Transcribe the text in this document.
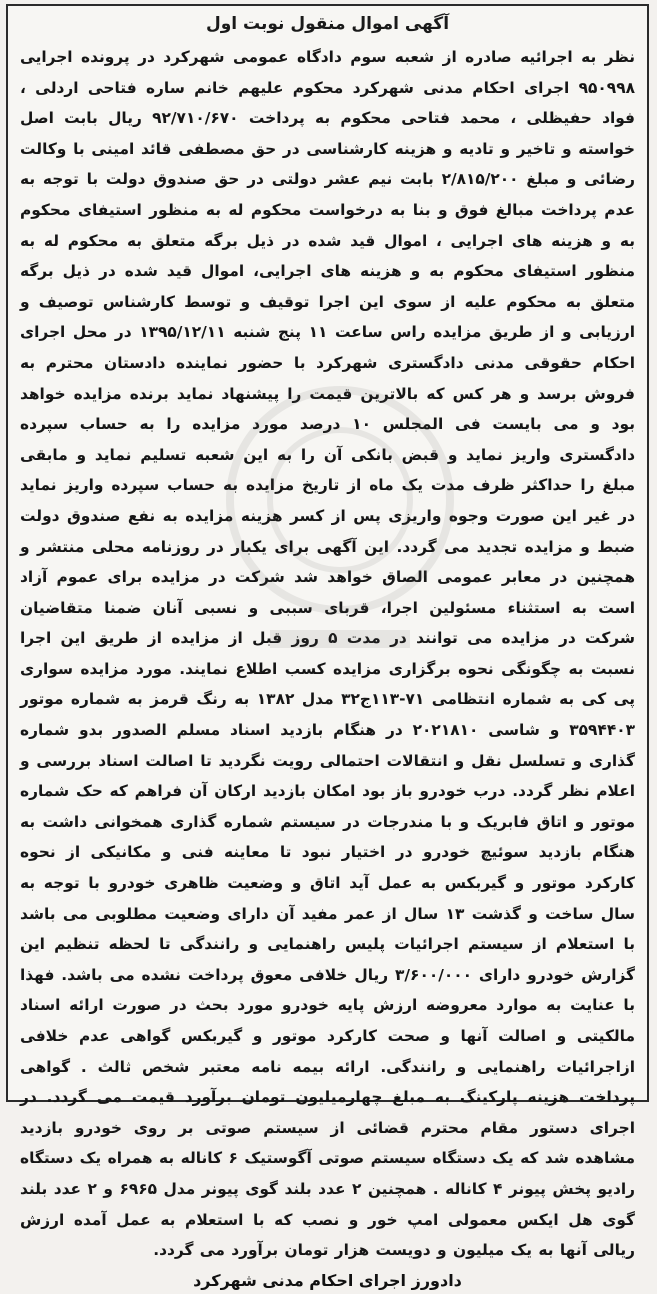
آگهی اموال منقول نوبت اول

نظر به اجرائیه صادره از شعبه سوم دادگاه عمومی شهرکرد در پرونده اجرایی ۹۵۰۹۹۸ اجرای احکام مدنی شهرکرد محکوم علیهم خانم ساره فتاحی اردلی ، فواد حفیظلی ، محمد فتاحی محکوم به پرداخت ۹۲/۷۱۰/۶۷۰ ریال بابت اصل خواسته و تاخیر و تادیه و هزینه کارشناسی در حق مصطفی قائد امینی با وکالت رضائی و مبلغ ۲/۸۱۵/۲۰۰ بابت نیم عشر دولتی در حق صندوق دولت با توجه به عدم پرداخت مبالغ فوق و بنا به درخواست محکوم له به منظور استیفای محکوم به و هزینه های اجرایی ، اموال قید شده در ذیل برگه متعلق به محکوم له به منظور استیفای محکوم به و هزینه های اجرایی، اموال قید شده در ذیل برگه متعلق به محکوم علیه از سوی این اجرا توقیف و توسط کارشناس توصیف و ارزیابی و از طریق مزایده راس ساعت ۱۱ پنج شنبه ۱۳۹۵/۱۲/۱۱ در محل اجرای احکام حقوقی مدنی دادگستری شهرکرد با حضور نماینده دادستان محترم به فروش برسد و هر کس که بالاترین قیمت را پیشنهاد نماید برنده مزایده خواهد بود و می بایست فی المجلس ۱۰ درصد مورد مزایده را به حساب سپرده دادگستری واریز نماید و قبض بانکی آن را به این شعبه تسلیم نماید و مابقی مبلغ را حداکثر ظرف مدت یک ماه از تاریخ مزایده به حساب سپرده واریز نماید در غیر این صورت وجوه واریزی پس از کسر هزینه مزایده به نفع صندوق دولت ضبط و مزایده تجدید می گردد. این آگهی برای یکبار در روزنامه محلی منتشر و همچنین در معابر عمومی الصاق خواهد شد شرکت در مزایده برای عموم آزاد است به استثناء مسئولین اجرا، قربای سببی و نسبی آنان ضمنا متقاضیان شرکت در مزایده می توانند در مدت ۵ روز قبل از مزایده از طریق این اجرا نسبت به چگونگی نحوه برگزاری مزایده کسب اطلاع نمایند. مورد مزایده سواری پی کی به شماره انتظامی ۷۱-۱۱۳ج۳۲ مدل ۱۳۸۲ به رنگ قرمز به شماره موتور ۳۵۹۴۴۰۳ و شاسی ۲۰۲۱۸۱۰ در هنگام بازدید اسناد مسلم الصدور بدو شماره گذاری و تسلسل نقل و انتقالات احتمالی رویت نگردید تا اصالت اسناد بررسی و اعلام نظر گردد. درب خودرو باز بود امکان بازدید ارکان آن فراهم که حک شماره موتور و اتاق فابریک و با مندرجات در سیستم شماره گذاری همخوانی داشت به هنگام بازدید سوئیچ خودرو در اختیار نبود تا معاینه فنی و مکانیکی از نحوه کارکرد موتور و گیربکس به عمل آید اتاق و وضعیت ظاهری خودرو با توجه به سال ساخت و گذشت ۱۳ سال از عمر مفید آن دارای وضعیت مطلوبی می باشد با استعلام از سیستم اجرائیات پلیس راهنمایی و رانندگی تا لحظه تنظیم این گزارش خودرو دارای ۳/۶۰۰/۰۰۰ ریال خلافی معوق پرداخت نشده می باشد. فهذا با عنایت به موارد معروضه ارزش پایه خودرو مورد بحث در صورت ارائه اسناد مالکیتی و اصالت آنها و صحت کارکرد موتور و گیربکس گواهی عدم خلافی ازاجرائیات راهنمایی و رانندگی. ارائه بیمه نامه معتبر شخص ثالث . گواهی پرداخت هزینه پارکینگ به مبلغ چهارمیلیون تومان برآورد قیمت می گردد. در اجرای دستور مقام محترم قضائی از سیستم صوتی بر روی خودرو بازدید مشاهده شد که یک دستگاه سیستم صوتی آگوستیک ۶ کاناله به همراه یک دستگاه رادیو پخش پیونر ۴ کاناله . همچنین ۲ عدد بلند گوی پیونر مدل ۶۹۶۵ و ۲ عدد بلند گوی هل ایکس معمولی امپ خور و نصب که با استعلام به عمل آمده ارزش ریالی آنها به یک میلیون و دویست هزار تومان برآورد می گردد.

دادورز اجرای احکام مدنی شهرکرد
